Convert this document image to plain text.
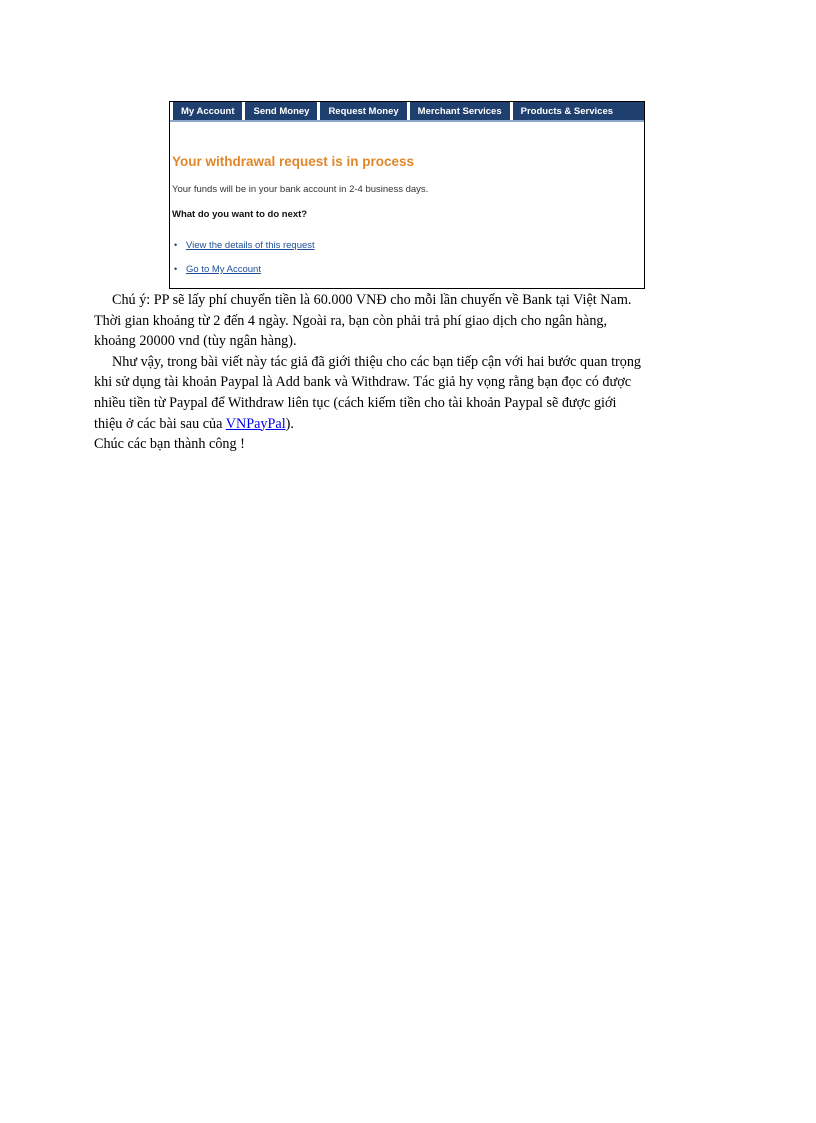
My Account	Send Money	Request Money	Merchant Services	Products & Services
Your withdrawal request is in process
Your funds will be in your bank account in 2-4 business days.
What do you want to do next?
• View the details of this request
• Go to My Account

Chú ý: PP sẽ lấy phí chuyển tiền là 60.000 VNĐ cho mỗi lần chuyển về Bank tại Việt Nam.

Thời gian khoảng từ 2 đến 4 ngày. Ngoài ra, bạn còn phải trả phí giao dịch cho ngân hàng,

khoảng 20000 vnd (tùy ngân hàng).

Như vậy, trong bài viết này tác giả đã giới thiệu cho các bạn tiếp cận với hai bước quan trọng

khi sử dụng tài khoản Paypal là Add bank và Withdraw. Tác giả hy vọng rằng bạn đọc có được

nhiều tiền từ Paypal để Withdraw liên tục (cách kiếm tiền cho tài khoản Paypal sẽ được giới

thiệu ở các bài sau của VNPayPal).

Chúc các bạn thành công !
